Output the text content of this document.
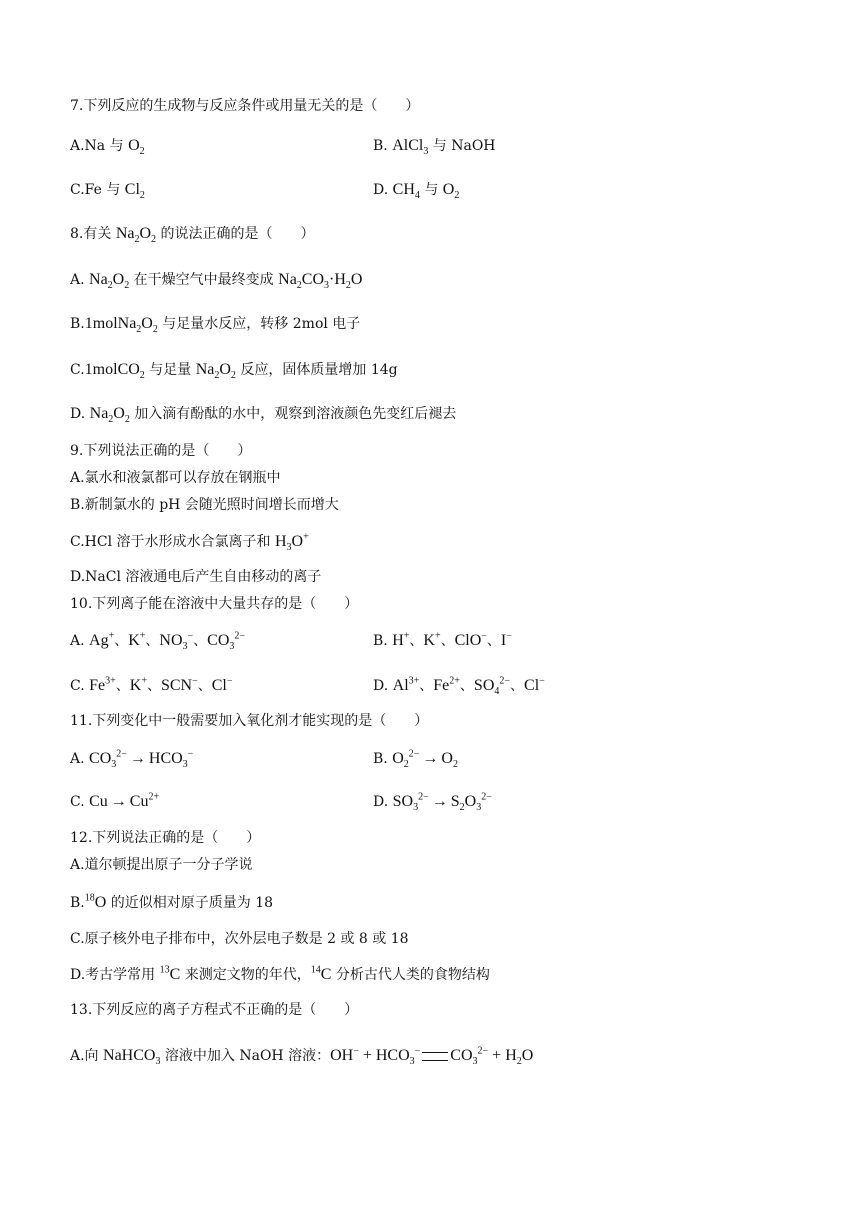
7.下列反应的生成物与反应条件或用量无关的是（　　）
A.Na 与 $O_2$	B. AlCl$_3$ 与 NaOH
C.Fe 与 $Cl_2$	D. $CH_4$ 与 $O_2$
8.有关 $Na_2O_2$ 的说法正确的是（　　）
A. $Na_2O_2$ 在干燥空气中最终变成 $Na_2CO_3\cdot H_2O$
$B.1molNa_2O_2$ 与足量水反应，转移 2mol 电子
C.1molCO$_2$ 与足量 $Na_2O_2$ 反应，固体质量增加 14g
D. $Na_2O_2$ 加入滴有酚酞的水中，观察到溶液颜色先变红后褪去
9.下列说法正确的是（　　）
A.氯水和液氯都可以存放在钢瓶中
B.新制氯水的 pH 会随光照时间增长而增大
C.HCl 溶于水形成水合氯离子和 $H_3O^+$
D.NaCl 溶液通电后产生自由移动的离子
10.下列离子能在溶液中大量共存的是（　　）
A. Ag+、K+、$NO_3^-$、$CO_3^{2-}$	B. H+、K+、ClO−、I−
C. $Fe^{3+}$、K+、SCN−、Cl−	D. $Al^{3+}$、$Fe^{2+}$、$SO_4^{2-}$、Cl−
11.下列变化中一般需要加入氧化剂才能实现的是（　　）
A. $CO_3^{2-} \to HCO_3^-$	B. $O_2^{2-} \to O_2$
C. $Cu \to Cu^{2+}$	D. $SO_3^{2-} \to S_2O_3^{2-}$
12.下列说法正确的是（　　）
A.道尔顿提出原子一分子学说
B.$^{18}$O 的近似相对原子质量为 18
C.原子核外电子排布中，次外层电子数是 2 或 8 或 18
D.考古学常用 $^{13}$C 来测定文物的年代，$^{14}$C 分析古代人类的食物结构
13.下列反应的离子方程式不正确的是（　　）
A.向 NaHCO$_3$ 溶液中加入 NaOH 溶液：$OH^- + HCO_3^-$ $CO_3^{2-} + H_2O$
